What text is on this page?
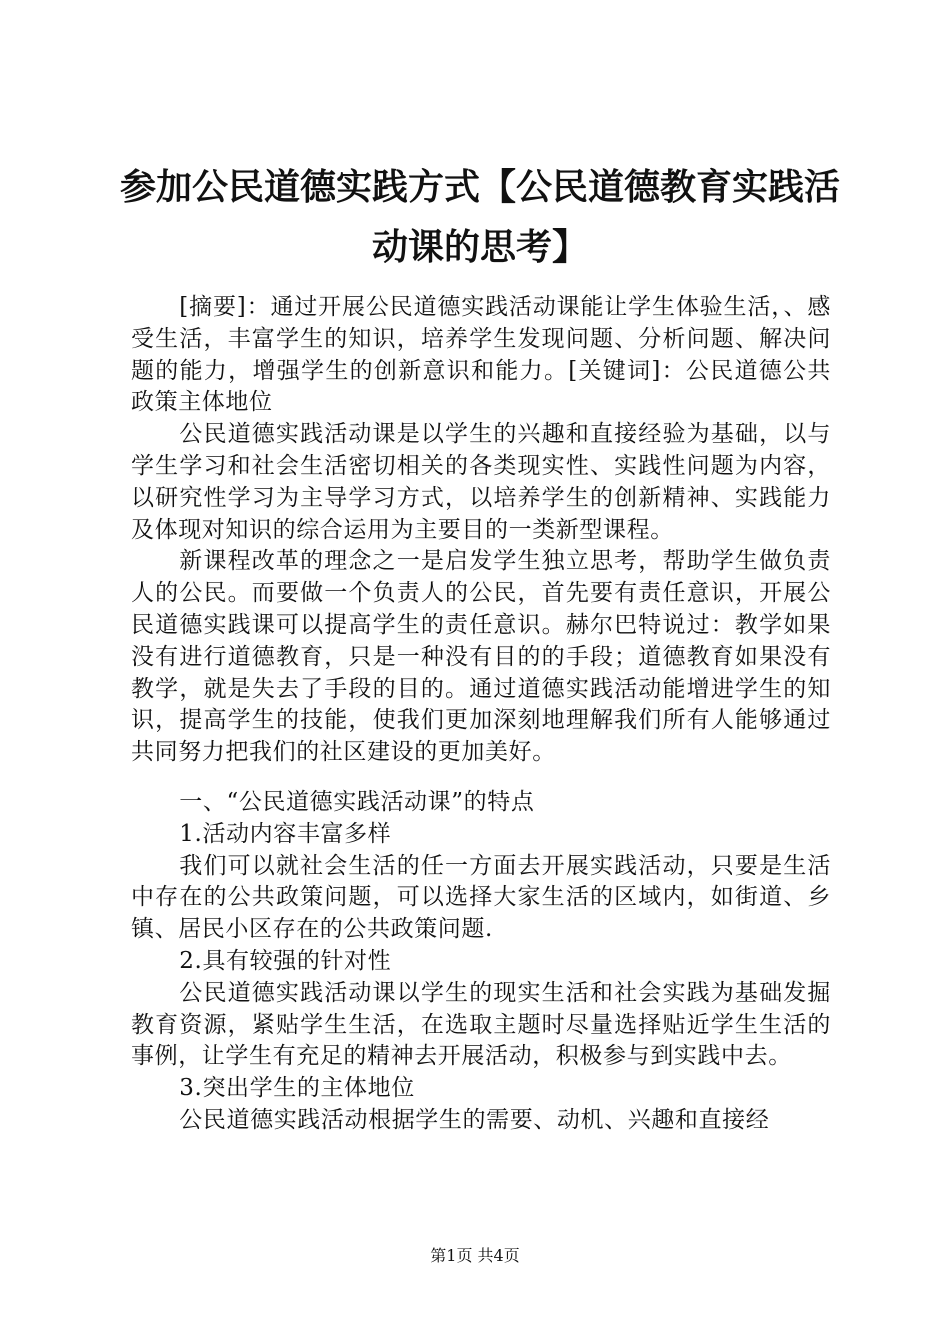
参加公民道德实践方式【公民道德教育实践活动课的思考】

[摘要]：通过开展公民道德实践活动课能让学生体验生活，、感受生活，丰富学生的知识，培养学生发现问题、分析问题、解决问题的能力，增强学生的创新意识和能力。[关键词]：公民道德公共政策主体地位

公民道德实践活动课是以学生的兴趣和直接经验为基础，以与学生学习和社会生活密切相关的各类现实性、实践性问题为内容，以研究性学习为主导学习方式，以培养学生的创新精神、实践能力及体现对知识的综合运用为主要目的一类新型课程。

新课程改革的理念之一是启发学生独立思考，帮助学生做负责人的公民。而要做一个负责人的公民，首先要有责任意识，开展公民道德实践课可以提高学生的责任意识。赫尔巴特说过：教学如果没有进行道德教育，只是一种没有目的的手段；道德教育如果没有教学，就是失去了手段的目的。通过道德实践活动能增进学生的知识，提高学生的技能，使我们更加深刻地理解我们所有人能够通过共同努力把我们的社区建设的更加美好。

一、“公民道德实践活动课”的特点

1.活动内容丰富多样

我们可以就社会生活的任一方面去开展实践活动，只要是生活中存在的公共政策问题，可以选择大家生活的区域内，如街道、乡镇、居民小区存在的公共政策问题.

2.具有较强的针对性

公民道德实践活动课以学生的现实生活和社会实践为基础发掘教育资源，紧贴学生生活，在选取主题时尽量选择贴近学生生活的事例，让学生有充足的精神去开展活动，积极参与到实践中去。

3.突出学生的主体地位

公民道德实践活动根据学生的需要、动机、兴趣和直接经

第1页 共4页
